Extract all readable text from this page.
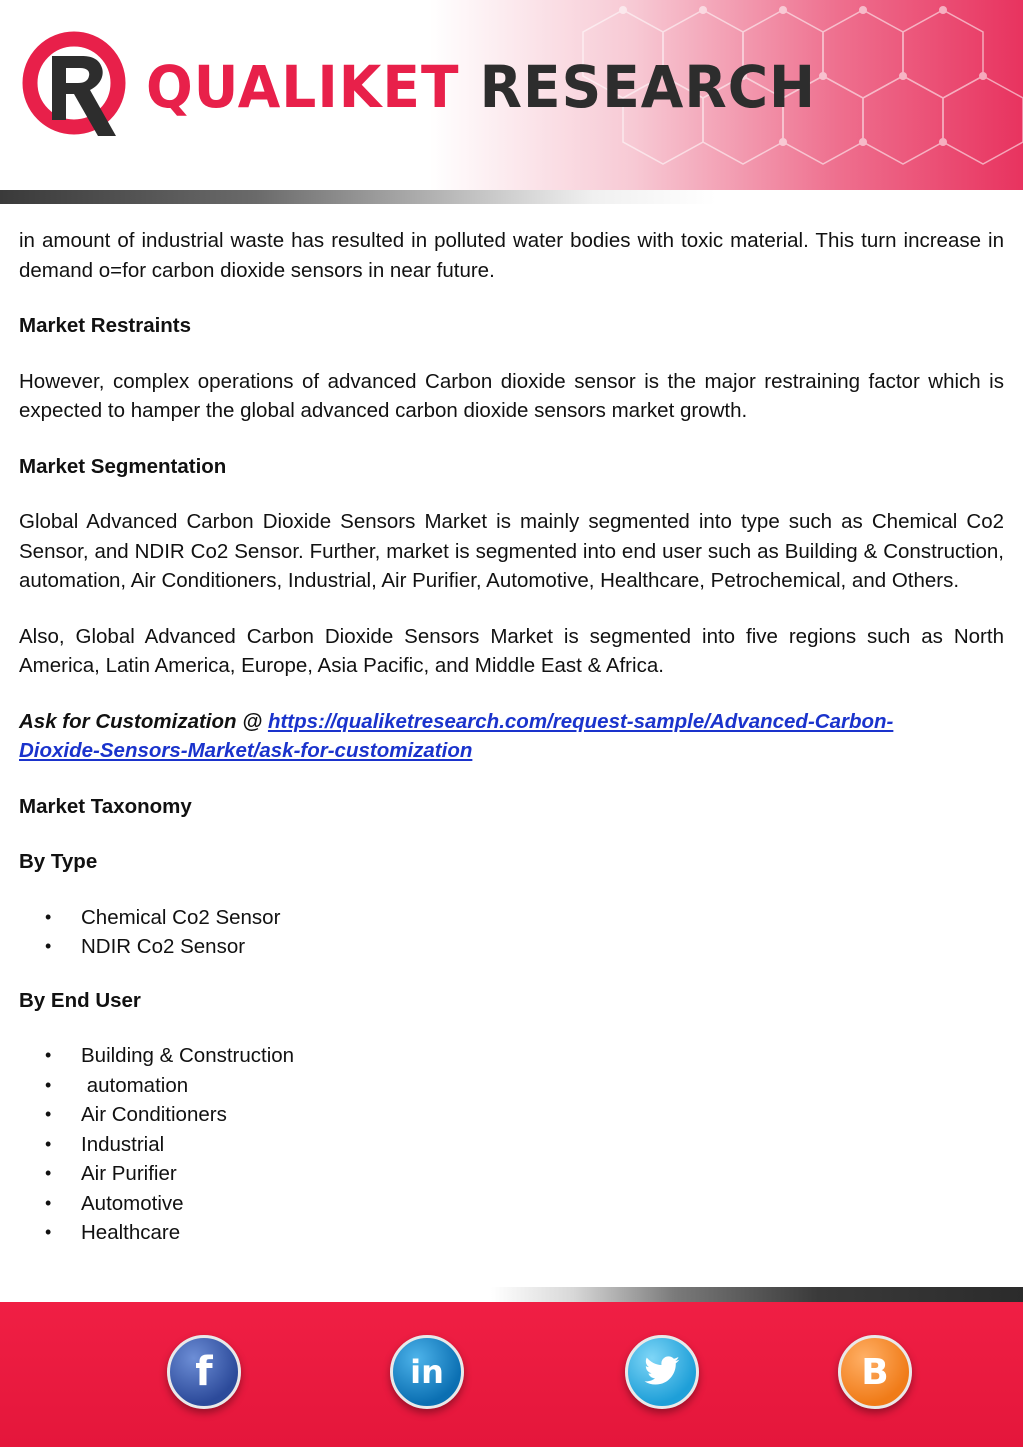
QUALIKET RESEARCH

in amount of industrial waste has resulted in polluted water bodies with toxic material. This turn increase in demand o=for carbon dioxide sensors in near future.

Market Restraints

However, complex operations of advanced Carbon dioxide sensor is the major restraining factor which is expected to hamper the global advanced carbon dioxide sensors market growth.

Market Segmentation

Global Advanced Carbon Dioxide Sensors Market is mainly segmented into type such as Chemical Co2 Sensor, and NDIR Co2 Sensor. Further, market is segmented into end user such as Building & Construction, automation, Air Conditioners, Industrial, Air Purifier, Automotive, Healthcare, Petrochemical, and Others.

Also, Global Advanced Carbon Dioxide Sensors Market is segmented into five regions such as North America, Latin America, Europe, Asia Pacific, and Middle East & Africa.

Ask for Customization @ https://qualiketresearch.com/request-sample/Advanced-Carbon-
Dioxide-Sensors-Market/ask-for-customization

Market Taxonomy

By Type

• Chemical Co2 Sensor
• NDIR Co2 Sensor

By End User

• Building & Construction
•  automation
• Air Conditioners
• Industrial
• Air Purifier
• Automotive
• Healthcare
f	in	B
